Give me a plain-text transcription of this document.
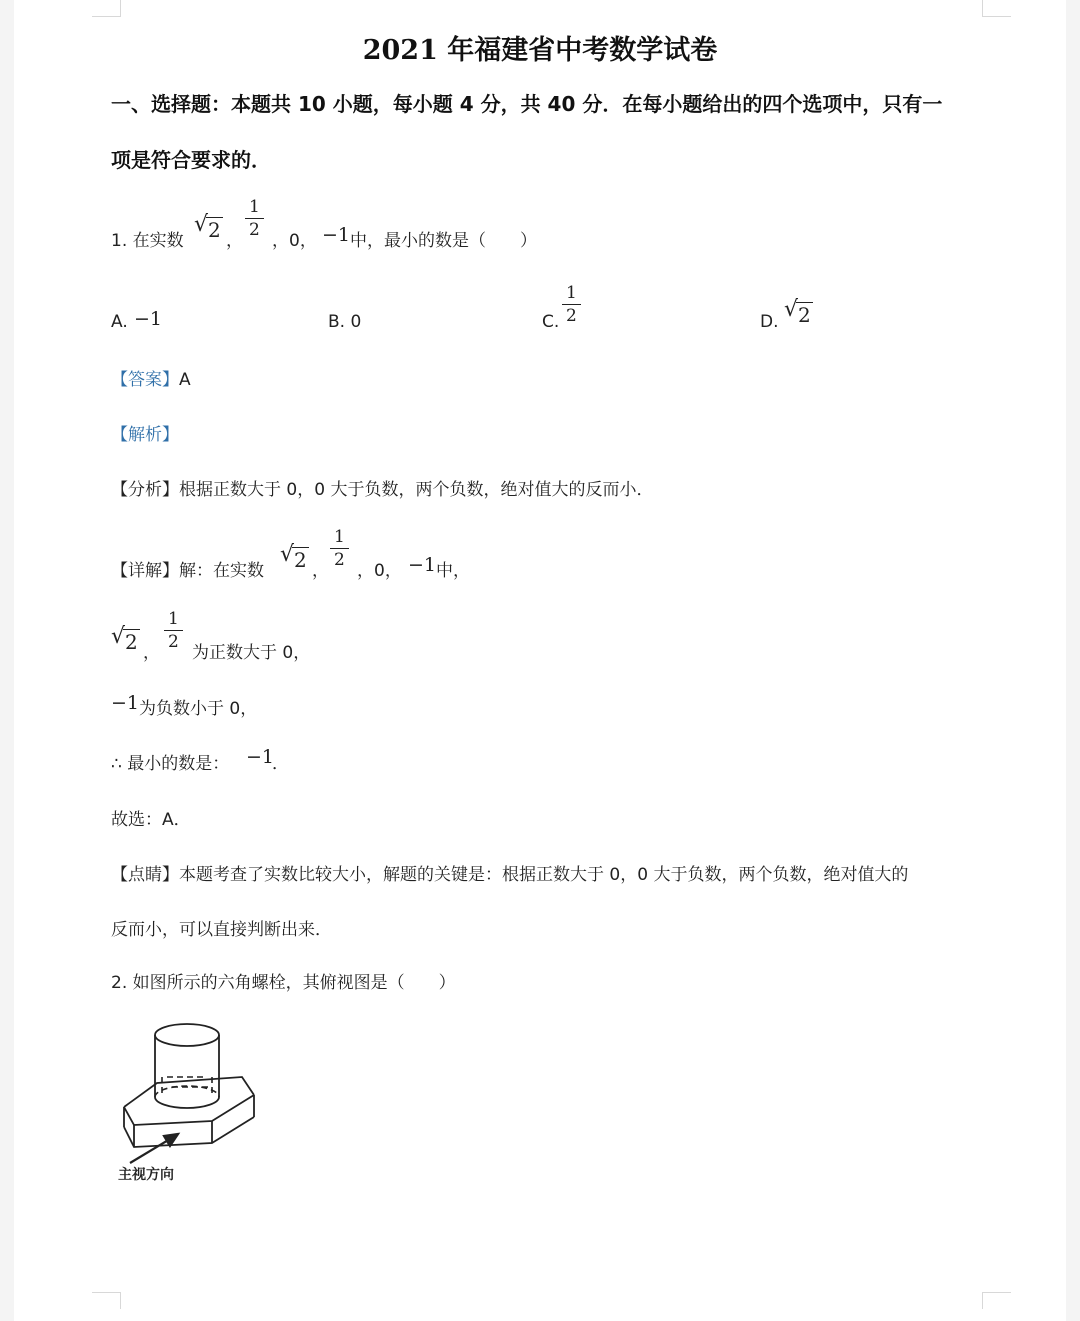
2021 年福建省中考数学试卷
一、选择题：本题共 10 小题，每小题 4 分，共 40 分．在每小题给出的四个选项中，只有一
项是符合要求的．
1. 在实数
√ 2 ， $\frac{1}{2}$ ，0， −1 中，最小的数是（　　）
A. −1	B. 0	C. $\frac{1}{2}$	D. √ 2
【答案】A
【解析】
【分析】根据正数大于 0，0 大于负数，两个负数，绝对值大的反而小．
【详解】解：在实数
√ 2 ， $\frac{1}{2}$ ，0， −1 中，
√ 2 ， $\frac{1}{2}$ 为正数大于 0，
−1 为负数小于 0，
∴ 最小的数是： −1
．
故选：A．
【点睛】本题考查了实数比较大小，解题的关键是：根据正数大于 0，0 大于负数，两个负数，绝对值大的
反而小，可以直接判断出来．
2. 如图所示的六角螺栓，其俯视图是（　　）
主视方向
